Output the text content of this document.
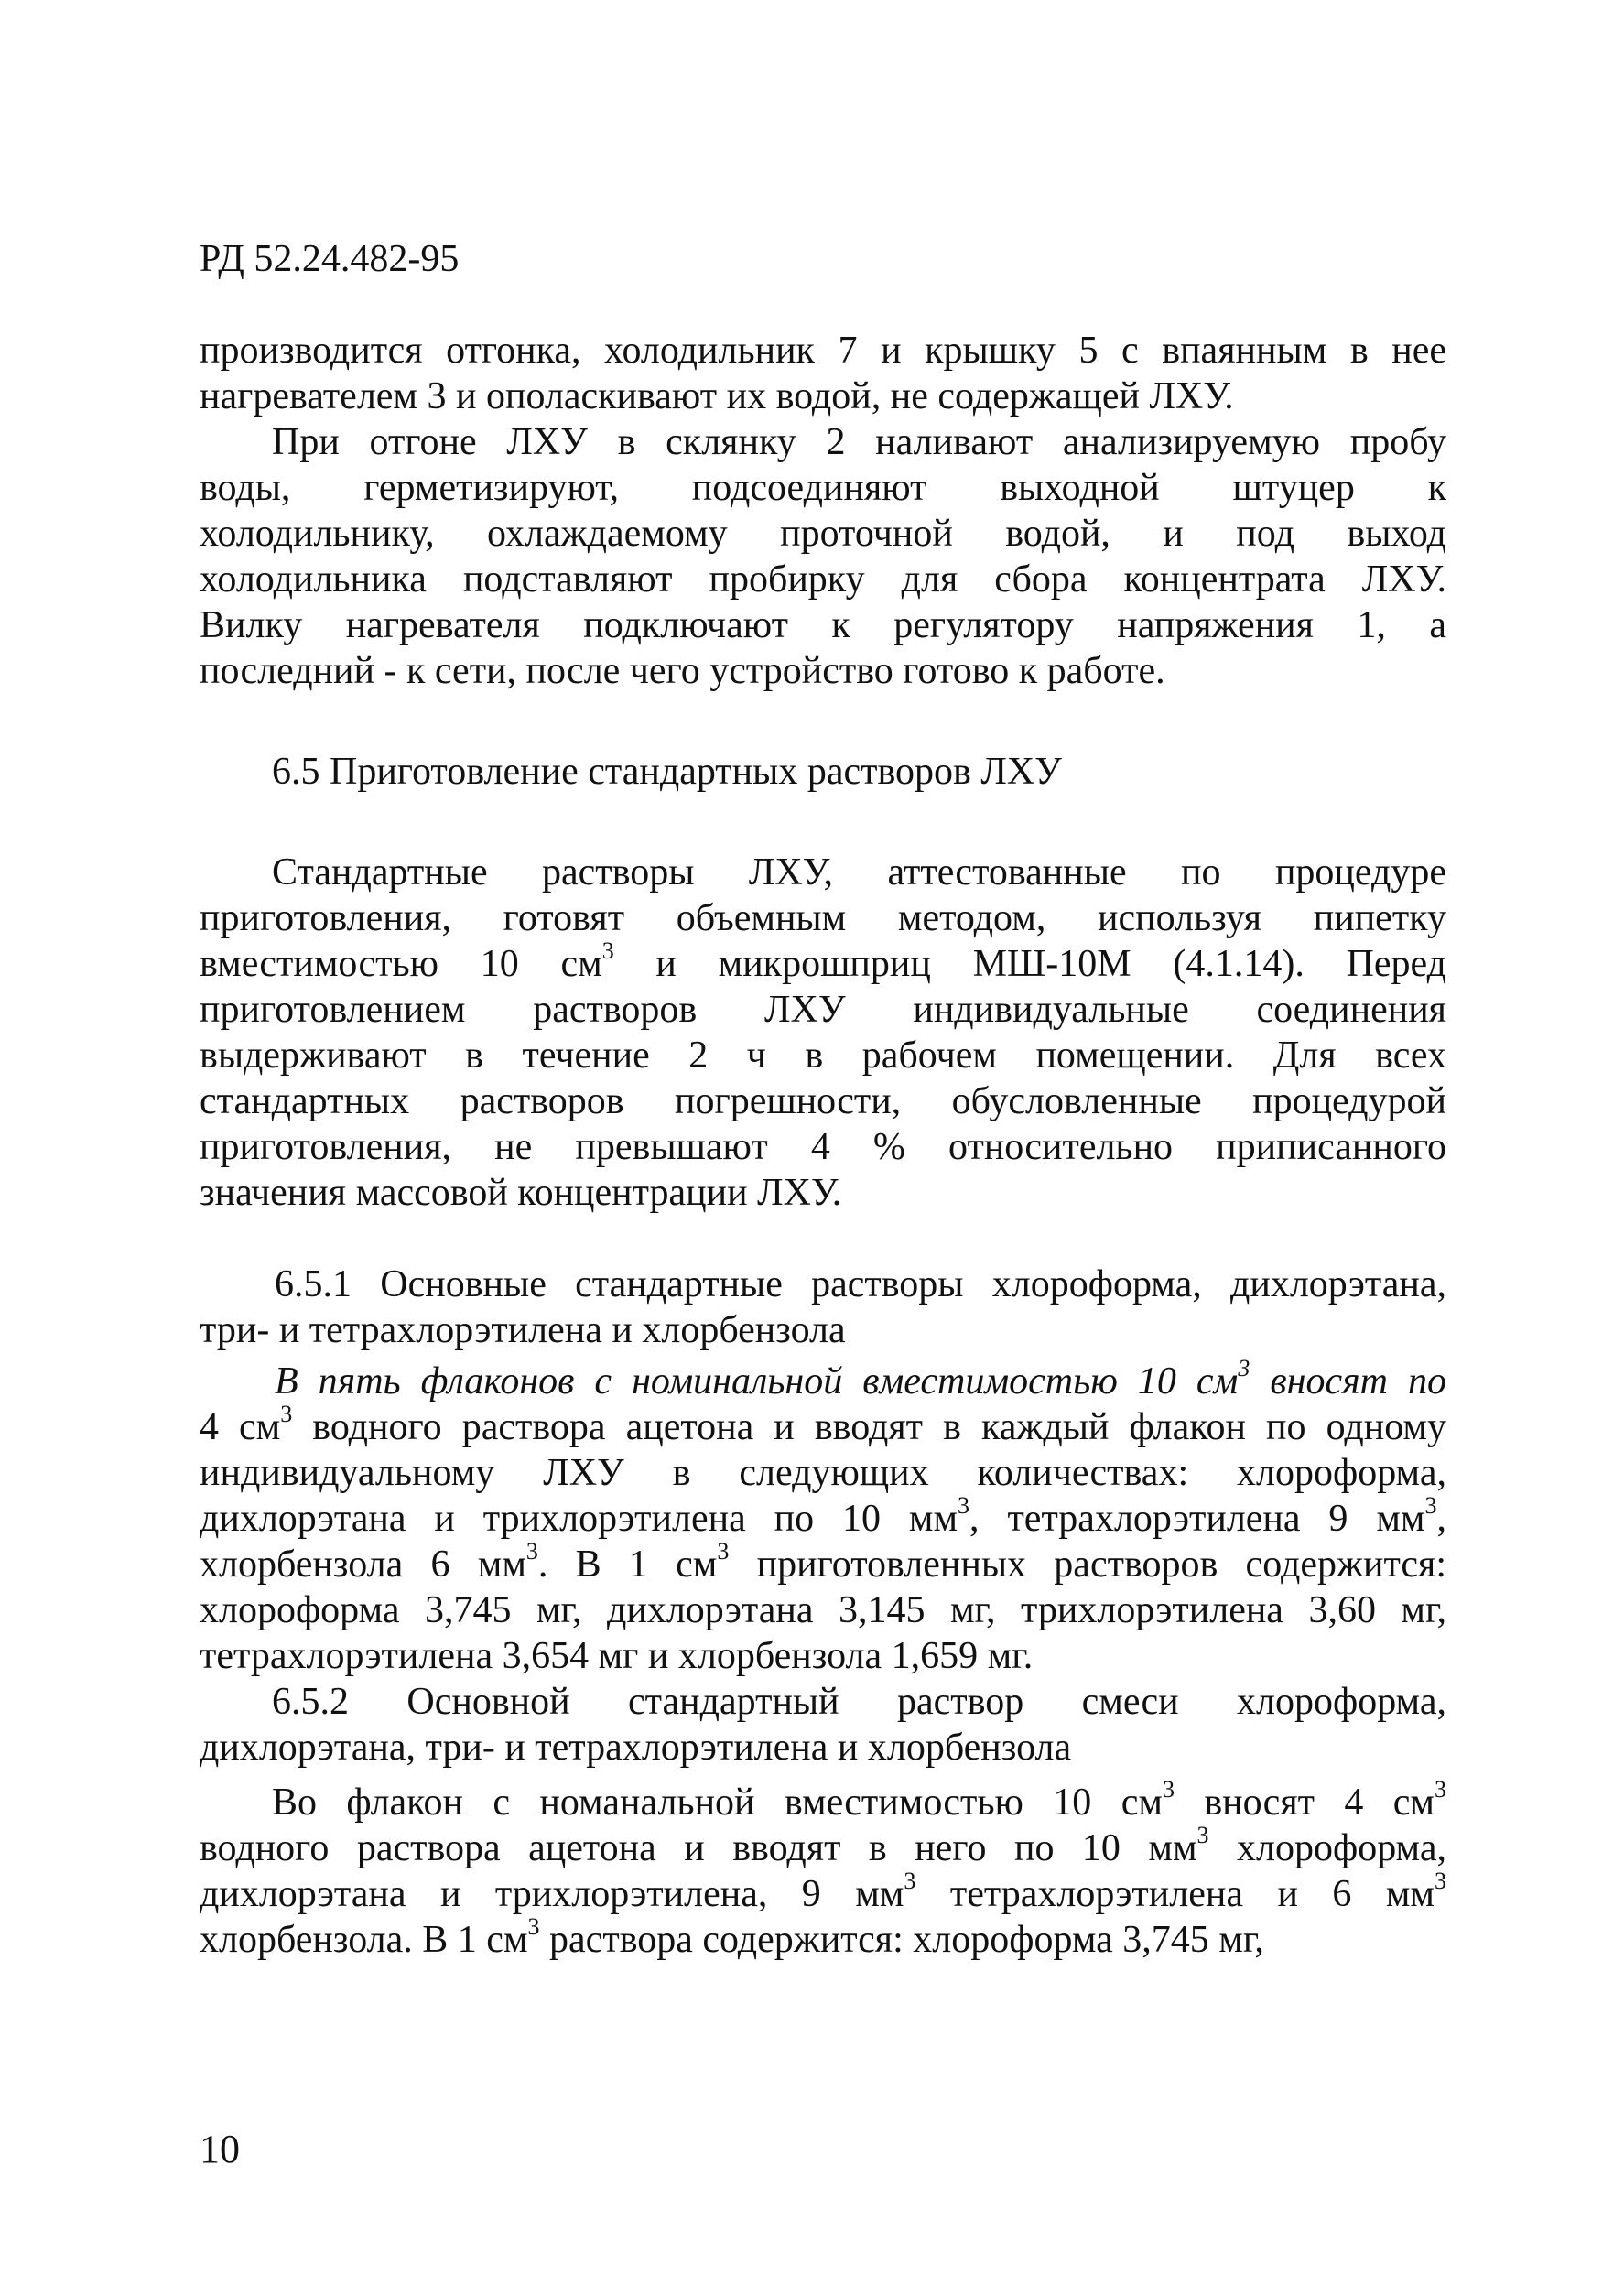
РД 52.24.482-95
производится отгонка, холодильник 7 и крышку 5 с впаянным в нее
нагревателем 3 и ополаскивают их водой, не содержащей ЛХУ.
При отгоне ЛХУ в склянку 2 наливают анализируемую пробу
воды, герметизируют, подсоединяют выходной штуцер к
холодильнику, охлаждаемому проточной водой, и под выход
холодильника подставляют пробирку для сбора концентрата ЛХУ.
Вилку нагревателя подключают к регулятору напряжения 1, а
последний - к сети, после чего устройство готово к работе.
6.5 Приготовление стандартных растворов ЛХУ
Стандартные растворы ЛХУ, аттестованные по процедуре
приготовления, готовят объемным методом, используя пипетку
вместимостью 10 $см^3$ и микрошприц МШ-10М (4.1.14). Перед
приготовлением растворов ЛХУ индивидуальные соединения
выдерживают в течение 2 ч в рабочем помещении. Для всех
стандартных растворов погрешности, обусловленные процедурой
приготовления, не превышают 4 % относительно приписанного
значения массовой концентрации ЛХУ.
6.5.1 Основные стандартные растворы хлороформа, дихлорэтана,
три- и тетрахлорэтилена и хлорбензола
В пять флаконов с номинальной вместимостью 10 $см^3$ вносят по
4 $см^3$ водного раствора ацетона и вводят в каждый флакон по одному
индивидуальному ЛХУ в следующих количествах: хлороформа,
дихлорэтана и трихлорэтилена по 10 $мм^3$, тетрахлорэтилена 9 $мм^3$,
хлорбензола 6 $мм^3$. В 1 $см^3$ приготовленных растворов содержится:
хлороформа 3,745 мг, дихлорэтана 3,145 мг, трихлорэтилена 3,60 мг,
тетрахлорэтилена 3,654 мг и хлорбензола 1,659 мг.
6.5.2 Основной стандартный раствор смеси хлороформа,
дихлорэтана, три- и тетрахлорэтилена и хлорбензола
Во флакон с номанальной вместимостью 10 $см^3$ вносят 4 $см^3$
водного раствора ацетона и вводят в него по 10 $мм^3$ хлороформа,
дихлорэтана и трихлорэтилена, 9 $мм^3$ тетрахлорэтилена и 6 $мм^3$
хлорбензола. В 1 $см^3$ раствора содержится: хлороформа 3,745 мг,
10
